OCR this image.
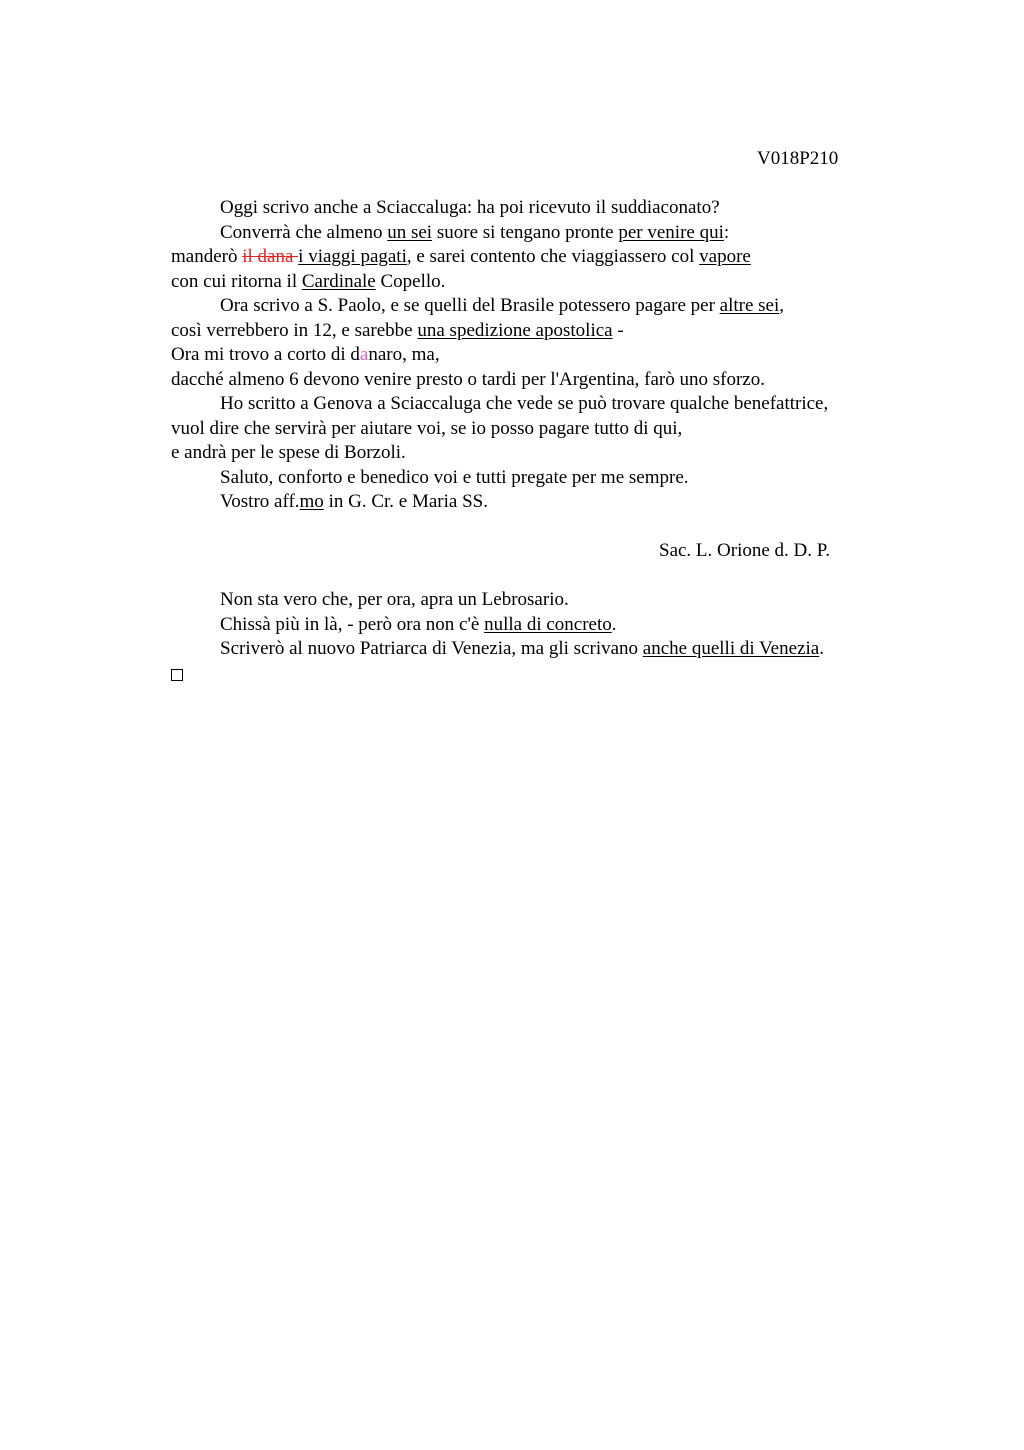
V018P210
Oggi scrivo anche a Sciaccaluga: ha poi ricevuto il suddiaconato?
Converrà che almeno un sei suore si tengano pronte per venire qui:
manderò il dana i viaggi pagati, e sarei contento che viaggiassero col vapore
con cui ritorna il Cardinale Copello.
Ora scrivo a S. Paolo, e se quelli del Brasile potessero pagare per altre sei,
così verrebbero in 12, e sarebbe una spedizione apostolica -
Ora mi trovo a corto di danaro, ma,
dacché almeno 6 devono venire presto o tardi per l'Argentina, farò uno sforzo.
Ho scritto a Genova a Sciaccaluga che vede se può trovare qualche benefattrice,
vuol dire che servirà per aiutare voi, se io posso pagare tutto di qui,
e andrà per le spese di Borzoli.
Saluto, conforto e benedico voi e tutti pregate per me sempre.
Vostro aff.mo in G. Cr. e Maria SS.
Sac. L. Orione d. D. P.
Non sta vero che, per ora, apra un Lebrosario.
Chissà più in là, - però ora non c'è nulla di concreto.
Scriverò al nuovo Patriarca di Venezia, ma gli scrivano anche quelli di Venezia.
